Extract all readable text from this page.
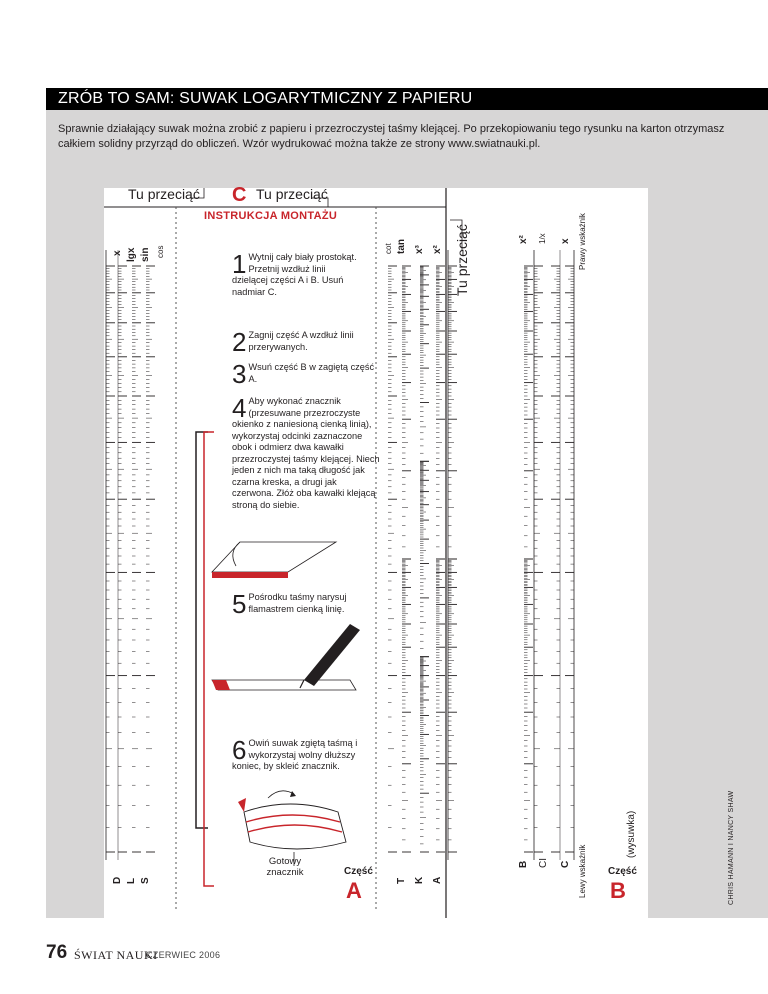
ZRÓB TO SAM: SUWAK LOGARYTMICZNY Z PAPIERU
Sprawnie działający suwak można zrobić z papieru i przezroczystej taśmy klejącej. Po przekopiowaniu tego rysunku na karton otrzymasz całkiem solidny przyrząd do obliczeń. Wzór wydrukować można także ze strony www.swiatnauki.pl.
Tu przeciąć C Tu przeciąć
Tu przeciąć
INSTRUKCJA MONTAŻU
1 Wytnij cały biały prostokąt. Przetnij wzdłuż linii dzielącej części A i B. Usuń nadmiar C.
2 Zagnij część A wzdłuż linii przerywanych.
3 Wsuń część B w zagiętą część A.
4 Aby wykonać znacznik (przesuwane przezroczyste okienko z naniesioną cienką linią), wykorzystaj odcinki zaznaczone obok i odmierz dwa kawałki przezroczystej taśmy klejącej. Niech jeden z nich ma taką długość jak czarna kreska, a drugi jak czerwona. Złóż oba kawałki klejącą stroną do siebie.
5 Pośrodku taśmy narysuj flamastrem cienką linię.
6 Owiń suwak zgiętą taśmą i wykorzystaj wolny dłuższy koniec, by skleić znacznik.
Gotowy znacznik	Część
A
Część
B
(wysuwka)
D L S
x lgx sin cos	cot tan x³ x²
T K A
B CI C
x² 1/x x
Lewy wskaźnik
Prawy wskaźnik
CHRIS HAMANN I NANCY SHAW
76 ŚWIAT NAUKI
CZERWIEC 2006
